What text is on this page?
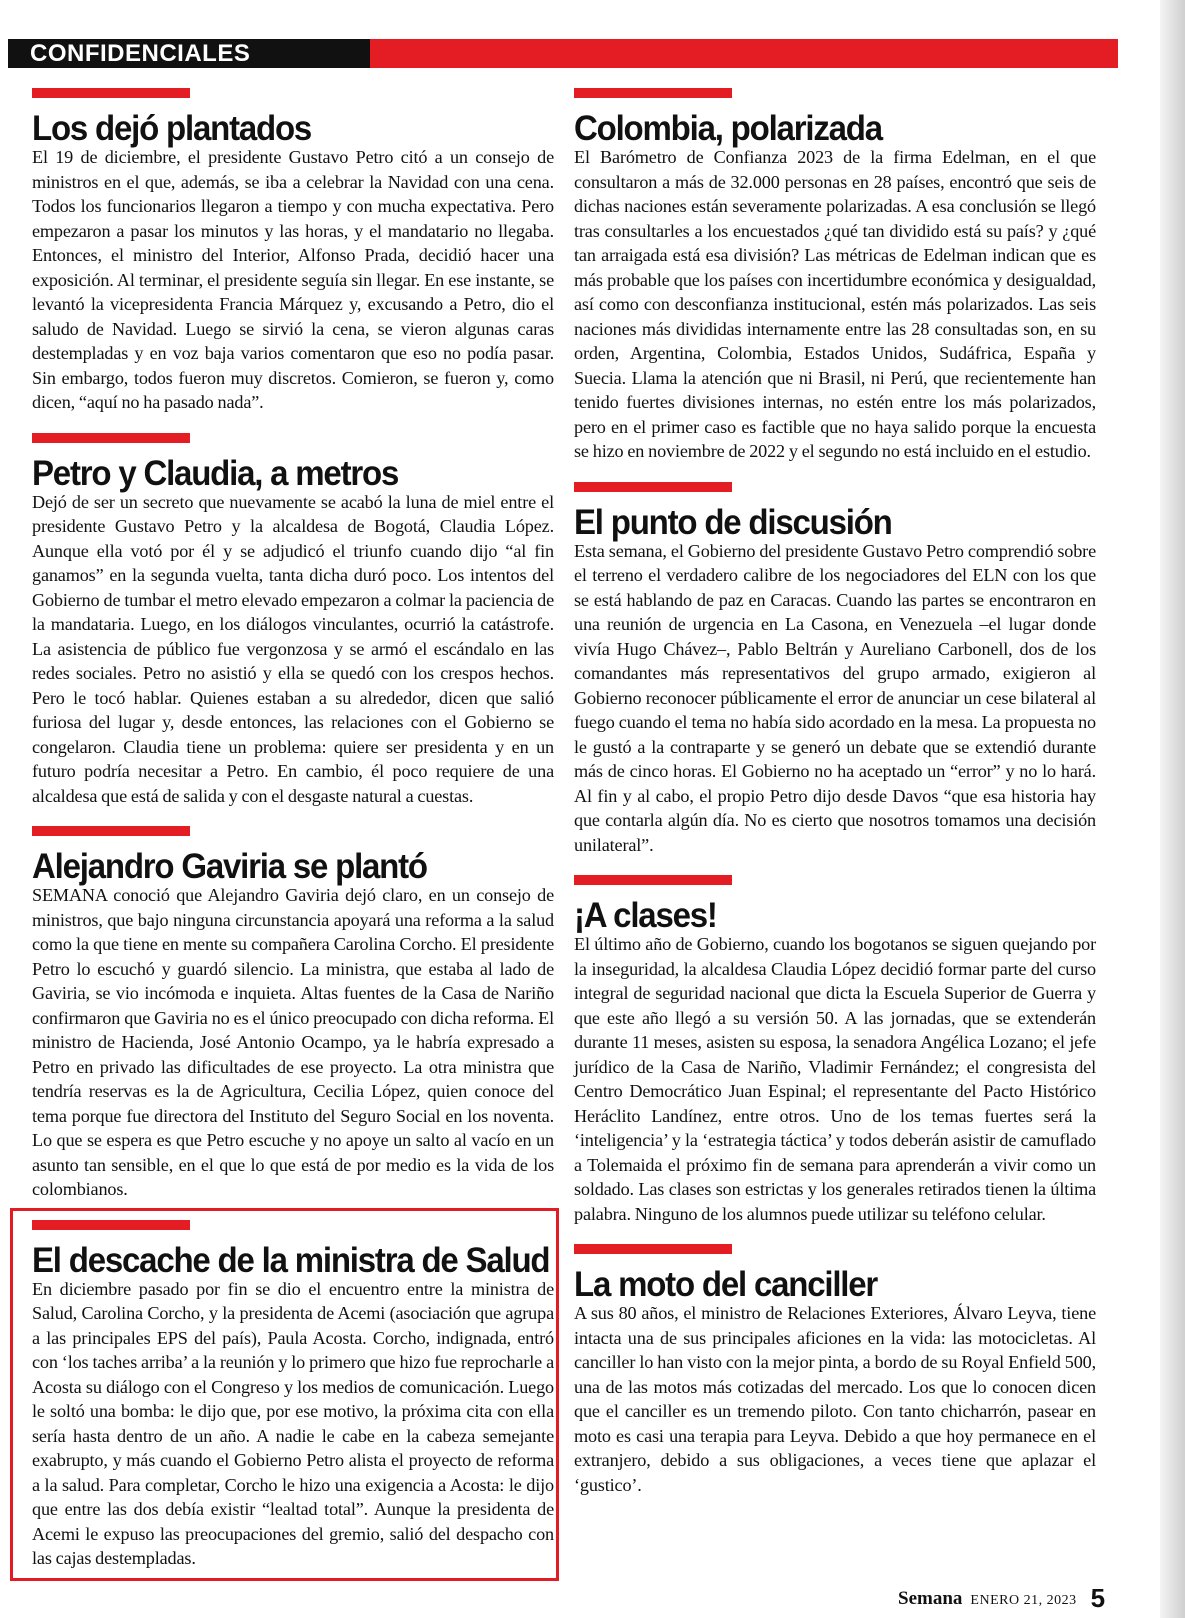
CONFIDENCIALES
Los dejó plantados

El 19 de diciembre, el presidente Gustavo Petro citó a un consejo de ministros en el que, además, se iba a celebrar la Navidad con una cena. Todos los funcionarios llegaron a tiempo y con mucha expectativa. Pero empezaron a pasar los minutos y las horas, y el mandatario no llegaba. Entonces, el ministro del Interior, Alfonso Prada, decidió hacer una exposición. Al terminar, el presidente seguía sin llegar. En ese instante, se levantó la vicepresidenta Francia Márquez y, excusando a Petro, dio el saludo de Navidad. Luego se sirvió la cena, se vieron algunas caras destempladas y en voz baja varios comentaron que eso no podía pasar. Sin embargo, todos fueron muy discretos. Comieron, se fueron y, como dicen, “aquí no ha pasado nada”.

Petro y Claudia, a metros

Dejó de ser un secreto que nuevamente se acabó la luna de miel entre el presidente Gustavo Petro y la alcaldesa de Bogotá, Claudia López. Aunque ella votó por él y se adjudicó el triunfo cuando dijo “al fin ganamos” en la segunda vuelta, tanta dicha duró poco. Los intentos del Gobierno de tumbar el metro elevado empezaron a colmar la paciencia de la mandataria. Luego, en los diálogos vinculantes, ocurrió la catástrofe. La asistencia de público fue vergonzosa y se armó el escándalo en las redes sociales. Petro no asistió y ella se quedó con los crespos hechos. Pero le tocó hablar. Quienes estaban a su alrededor, dicen que salió furiosa del lugar y, desde entonces, las relaciones con el Gobierno se congelaron. Claudia tiene un problema: quiere ser presidenta y en un futuro podría necesitar a Petro. En cambio, él poco requiere de una alcaldesa que está de salida y con el desgaste natural a cuestas.

Alejandro Gaviria se plantó

SEMANA conoció que Alejandro Gaviria dejó claro, en un consejo de ministros, que bajo ninguna circunstancia apoyará una reforma a la salud como la que tiene en mente su compañera Carolina Corcho. El presidente Petro lo escuchó y guardó silencio. La ministra, que estaba al lado de Gaviria, se vio incómoda e inquieta. Altas fuentes de la Casa de Nariño confirmaron que Gaviria no es el único preocupado con dicha reforma. El ministro de Hacienda, José Antonio Ocampo, ya le habría expresado a Petro en privado las dificultades de ese proyecto. La otra ministra que tendría reservas es la de Agricultura, Cecilia López, quien conoce del tema porque fue directora del Instituto del Seguro Social en los noventa. Lo que se espera es que Petro escuche y no apoye un salto al vacío en un asunto tan sensible, en el que lo que está de por medio es la vida de los colombianos.

El descache de la ministra de Salud

En diciembre pasado por fin se dio el encuentro entre la ministra de Salud, Carolina Corcho, y la presidenta de Acemi (asociación que agrupa a las principales EPS del país), Paula Acosta. Corcho, indignada, entró con ‘los taches arriba’ a la reunión y lo primero que hizo fue reprocharle a Acosta su diálogo con el Congreso y los medios de comunicación. Luego le soltó una bomba: le dijo que, por ese motivo, la próxima cita con ella sería hasta dentro de un año. A nadie le cabe en la cabeza semejante exabrupto, y más cuando el Gobierno Petro alista el proyecto de reforma a la salud. Para completar, Corcho le hizo una exigencia a Acosta: le dijo que entre las dos debía existir “lealtad total”. Aunque la presidenta de Acemi le expuso las preocupaciones del gremio, salió del despacho con las cajas destempladas.

Colombia, polarizada

El Barómetro de Confianza 2023 de la firma Edelman, en el que consultaron a más de 32.000 personas en 28 países, encontró que seis de dichas naciones están severamente polarizadas. A esa conclusión se llegó tras consultarles a los encuestados ¿qué tan dividido está su país? y ¿qué tan arraigada está esa división? Las métricas de Edelman indican que es más probable que los países con incertidumbre económica y desigualdad, así como con desconfianza institucional, estén más polarizados. Las seis naciones más divididas internamente entre las 28 consultadas son, en su orden, Argentina, Colombia, Estados Unidos, Sudáfrica, España y Suecia. Llama la atención que ni Brasil, ni Perú, que recientemente han tenido fuertes divisiones internas, no estén entre los más polarizados, pero en el primer caso es factible que no haya salido porque la encuesta se hizo en noviembre de 2022 y el segundo no está incluido en el estudio.

El punto de discusión

Esta semana, el Gobierno del presidente Gustavo Petro comprendió sobre el terreno el verdadero calibre de los negociadores del ELN con los que se está hablando de paz en Caracas. Cuando las partes se encontraron en una reunión de urgencia en La Casona, en Venezuela –el lugar donde vivía Hugo Chávez–, Pablo Beltrán y Aureliano Carbonell, dos de los comandantes más representativos del grupo armado, exigieron al Gobierno reconocer públicamente el error de anunciar un cese bilateral al fuego cuando el tema no había sido acordado en la mesa. La propuesta no le gustó a la contraparte y se generó un debate que se extendió durante más de cinco horas. El Gobierno no ha aceptado un “error” y no lo hará. Al fin y al cabo, el propio Petro dijo desde Davos “que esa historia hay que contarla algún día. No es cierto que nosotros tomamos una decisión unilateral”.

¡A clases!

El último año de Gobierno, cuando los bogotanos se siguen quejando por la inseguridad, la alcaldesa Claudia López decidió formar parte del curso integral de seguridad nacional que dicta la Escuela Superior de Guerra y que este año llegó a su versión 50. A las jornadas, que se extenderán durante 11 meses, asisten su esposa, la senadora Angélica Lozano; el jefe jurídico de la Casa de Nariño, Vladimir Fernández; el congresista del Centro Democrático Juan Espinal; el representante del Pacto Histórico Heráclito Landínez, entre otros. Uno de los temas fuertes será la ‘inteligencia’ y la ‘estrategia táctica’ y todos deberán asistir de camuflado a Tolemaida el próximo fin de semana para aprenderán a vivir como un soldado. Las clases son estrictas y los generales retirados tienen la última palabra. Ninguno de los alumnos puede utilizar su teléfono celular.

La moto del canciller

A sus 80 años, el ministro de Relaciones Exteriores, Álvaro Leyva, tiene intacta una de sus principales aficiones en la vida: las motocicletas. Al canciller lo han visto con la mejor pinta, a bordo de su Royal Enfield 500, una de las motos más cotizadas del mercado. Los que lo conocen dicen que el canciller es un tremendo piloto. Con tanto chicharrón, pasear en moto es casi una terapia para Leyva. Debido a que hoy permanece en el extranjero, debido a sus obligaciones, a veces tiene que aplazar el ‘gustico’.

Semana ENERO 21, 2023 5
